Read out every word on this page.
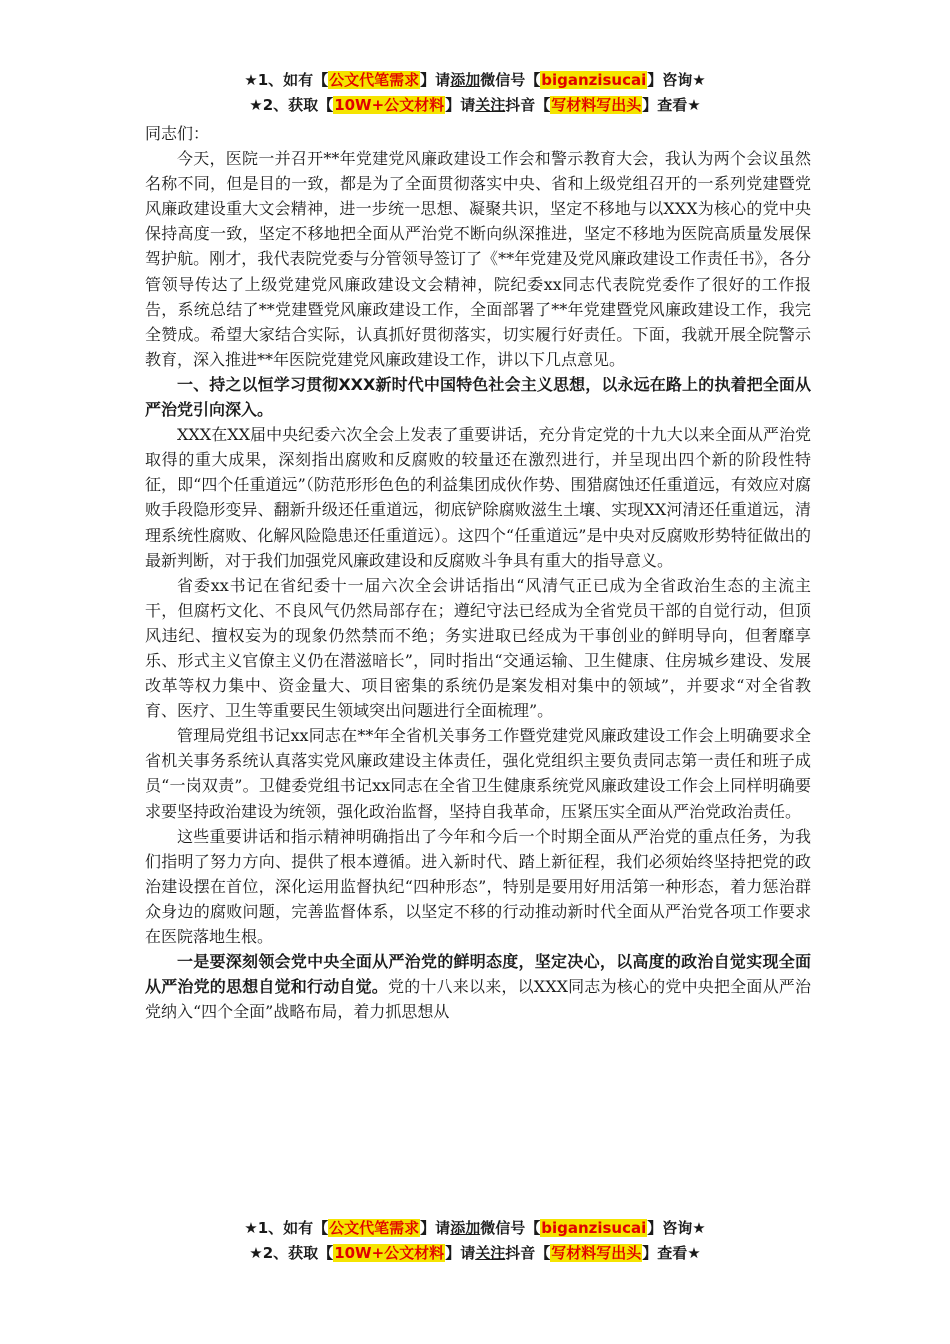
★1、如有【公文代笔需求】请添加微信号【biganzisucai】咨询★
★2、获取【10W+公文材料】请关注抖音【写材料写出头】查看★

同志们：

今天，医院一并召开**年党建党风廉政建设工作会和警示教育大会，我认为两个会议虽然名称不同，但是目的一致，都是为了全面贯彻落实中央、省和上级党组召开的一系列党建暨党风廉政建设重大文会精神，进一步统一思想、凝聚共识，坚定不移地与以XXX为核心的党中央保持高度一致，坚定不移地把全面从严治党不断向纵深推进，坚定不移地为医院高质量发展保驾护航。刚才，我代表院党委与分管领导签订了《**年党建及党风廉政建设工作责任书》，各分管领导传达了上级党建党风廉政建设文会精神，院纪委xx同志代表院党委作了很好的工作报告，系统总结了**党建暨党风廉政建设工作，全面部署了**年党建暨党风廉政建设工作，我完全赞成。希望大家结合实际，认真抓好贯彻落实，切实履行好责任。下面，我就开展全院警示教育，深入推进**年医院党建党风廉政建设工作，讲以下几点意见。

一、持之以恒学习贯彻XXX新时代中国特色社会主义思想，以永远在路上的执着把全面从严治党引向深入。

XXX在XX届中央纪委六次全会上发表了重要讲话，充分肯定党的十九大以来全面从严治党取得的重大成果，深刻指出腐败和反腐败的较量还在激烈进行，并呈现出四个新的阶段性特征，即“四个任重道远”（防范形形色色的利益集团成伙作势、围猎腐蚀还任重道远，有效应对腐败手段隐形变异、翻新升级还任重道远，彻底铲除腐败滋生土壤、实现XX河清还任重道远，清理系统性腐败、化解风险隐患还任重道远）。这四个“任重道远”是中央对反腐败形势特征做出的最新判断，对于我们加强党风廉政建设和反腐败斗争具有重大的指导意义。

省委xx书记在省纪委十一届六次全会讲话指出“风清气正已成为全省政治生态的主流主干，但腐朽文化、不良风气仍然局部存在；遵纪守法已经成为全省党员干部的自觉行动，但顶风违纪、擅权妄为的现象仍然禁而不绝；务实进取已经成为干事创业的鲜明导向，但奢靡享乐、形式主义官僚主义仍在潜滋暗长”，同时指出“交通运输、卫生健康、住房城乡建设、发展改革等权力集中、资金量大、项目密集的系统仍是案发相对集中的领域”，并要求“对全省教育、医疗、卫生等重要民生领域突出问题进行全面梳理”。

管理局党组书记xx同志在**年全省机关事务工作暨党建党风廉政建设工作会上明确要求全省机关事务系统认真落实党风廉政建设主体责任，强化党组织主要负责同志第一责任和班子成员“一岗双责”。卫健委党组书记xx同志在全省卫生健康系统党风廉政建设工作会上同样明确要求要坚持政治建设为统领，强化政治监督，坚持自我革命，压紧压实全面从严治党政治责任。

这些重要讲话和指示精神明确指出了今年和今后一个时期全面从严治党的重点任务，为我们指明了努力方向、提供了根本遵循。进入新时代、踏上新征程，我们必须始终坚持把党的政治建设摆在首位，深化运用监督执纪“四种形态”，特别是要用好用活第一种形态，着力惩治群众身边的腐败问题，完善监督体系，以坚定不移的行动推动新时代全面从严治党各项工作要求在医院落地生根。

一是要深刻领会党中央全面从严治党的鲜明态度，坚定决心，以高度的政治自觉实现全面从严治党的思想自觉和行动自觉。党的十八来以来，以XXX同志为核心的党中央把全面从严治党纳入“四个全面”战略布局，着力抓思想从

★1、如有【公文代笔需求】请添加微信号【biganzisucai】咨询★
★2、获取【10W+公文材料】请关注抖音【写材料写出头】查看★
